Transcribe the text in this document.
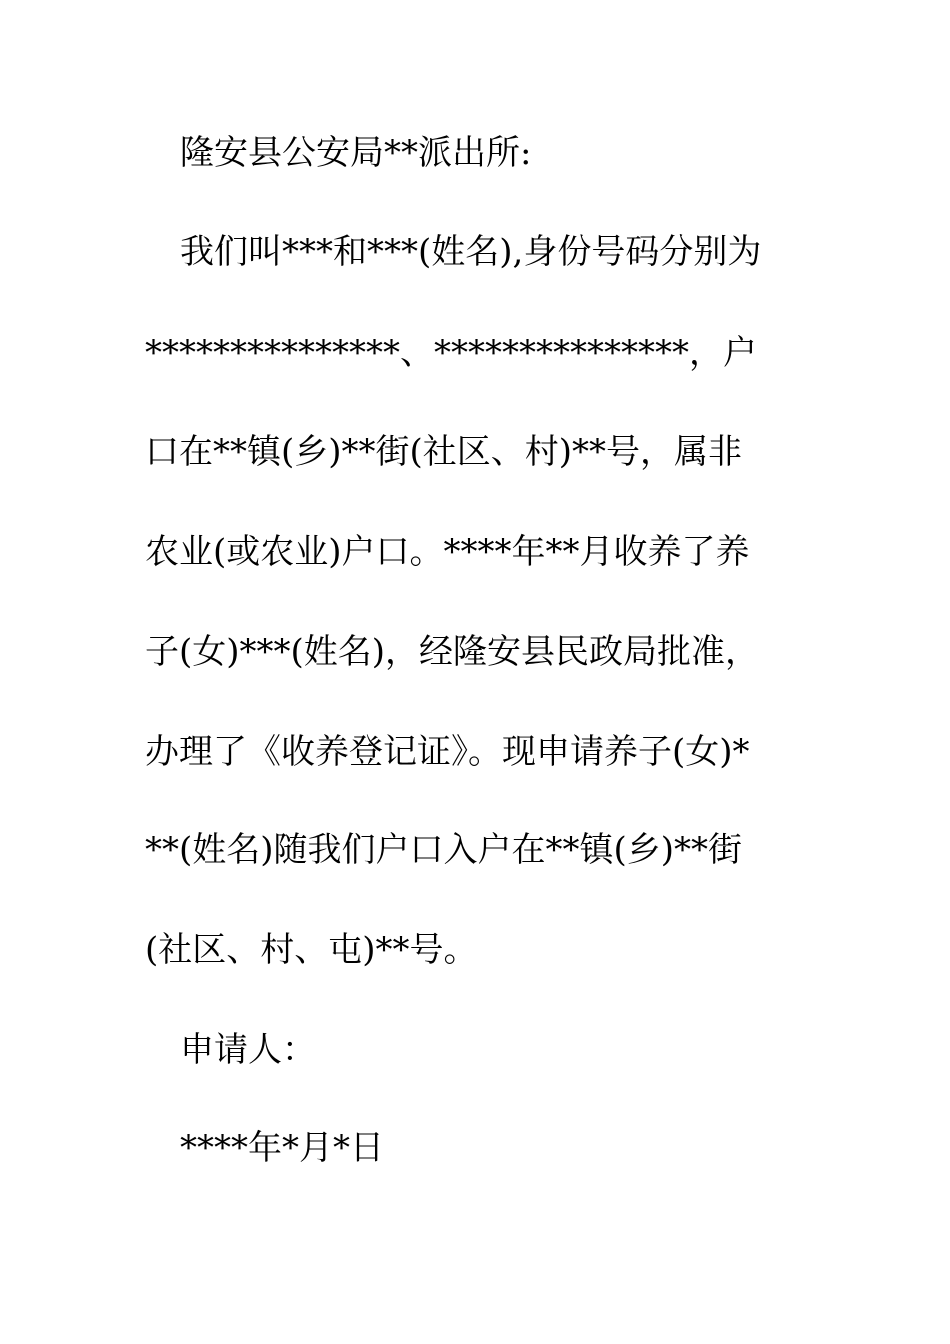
隆安县公安局**派出所:
我们叫***和***(姓名),身份号码分别为
***************、***************，户
口在**镇(乡)**街(社区、村)**号，属非
农业(或农业)户口。****年**月收养了养
子(女)***(姓名)，经隆安县民政局批准，
办理了《收养登记证》。现申请养子(女)*
**(姓名)随我们户口入户在**镇(乡)**街
(社区、村、屯)**号。
申请人：
****年*月*日
